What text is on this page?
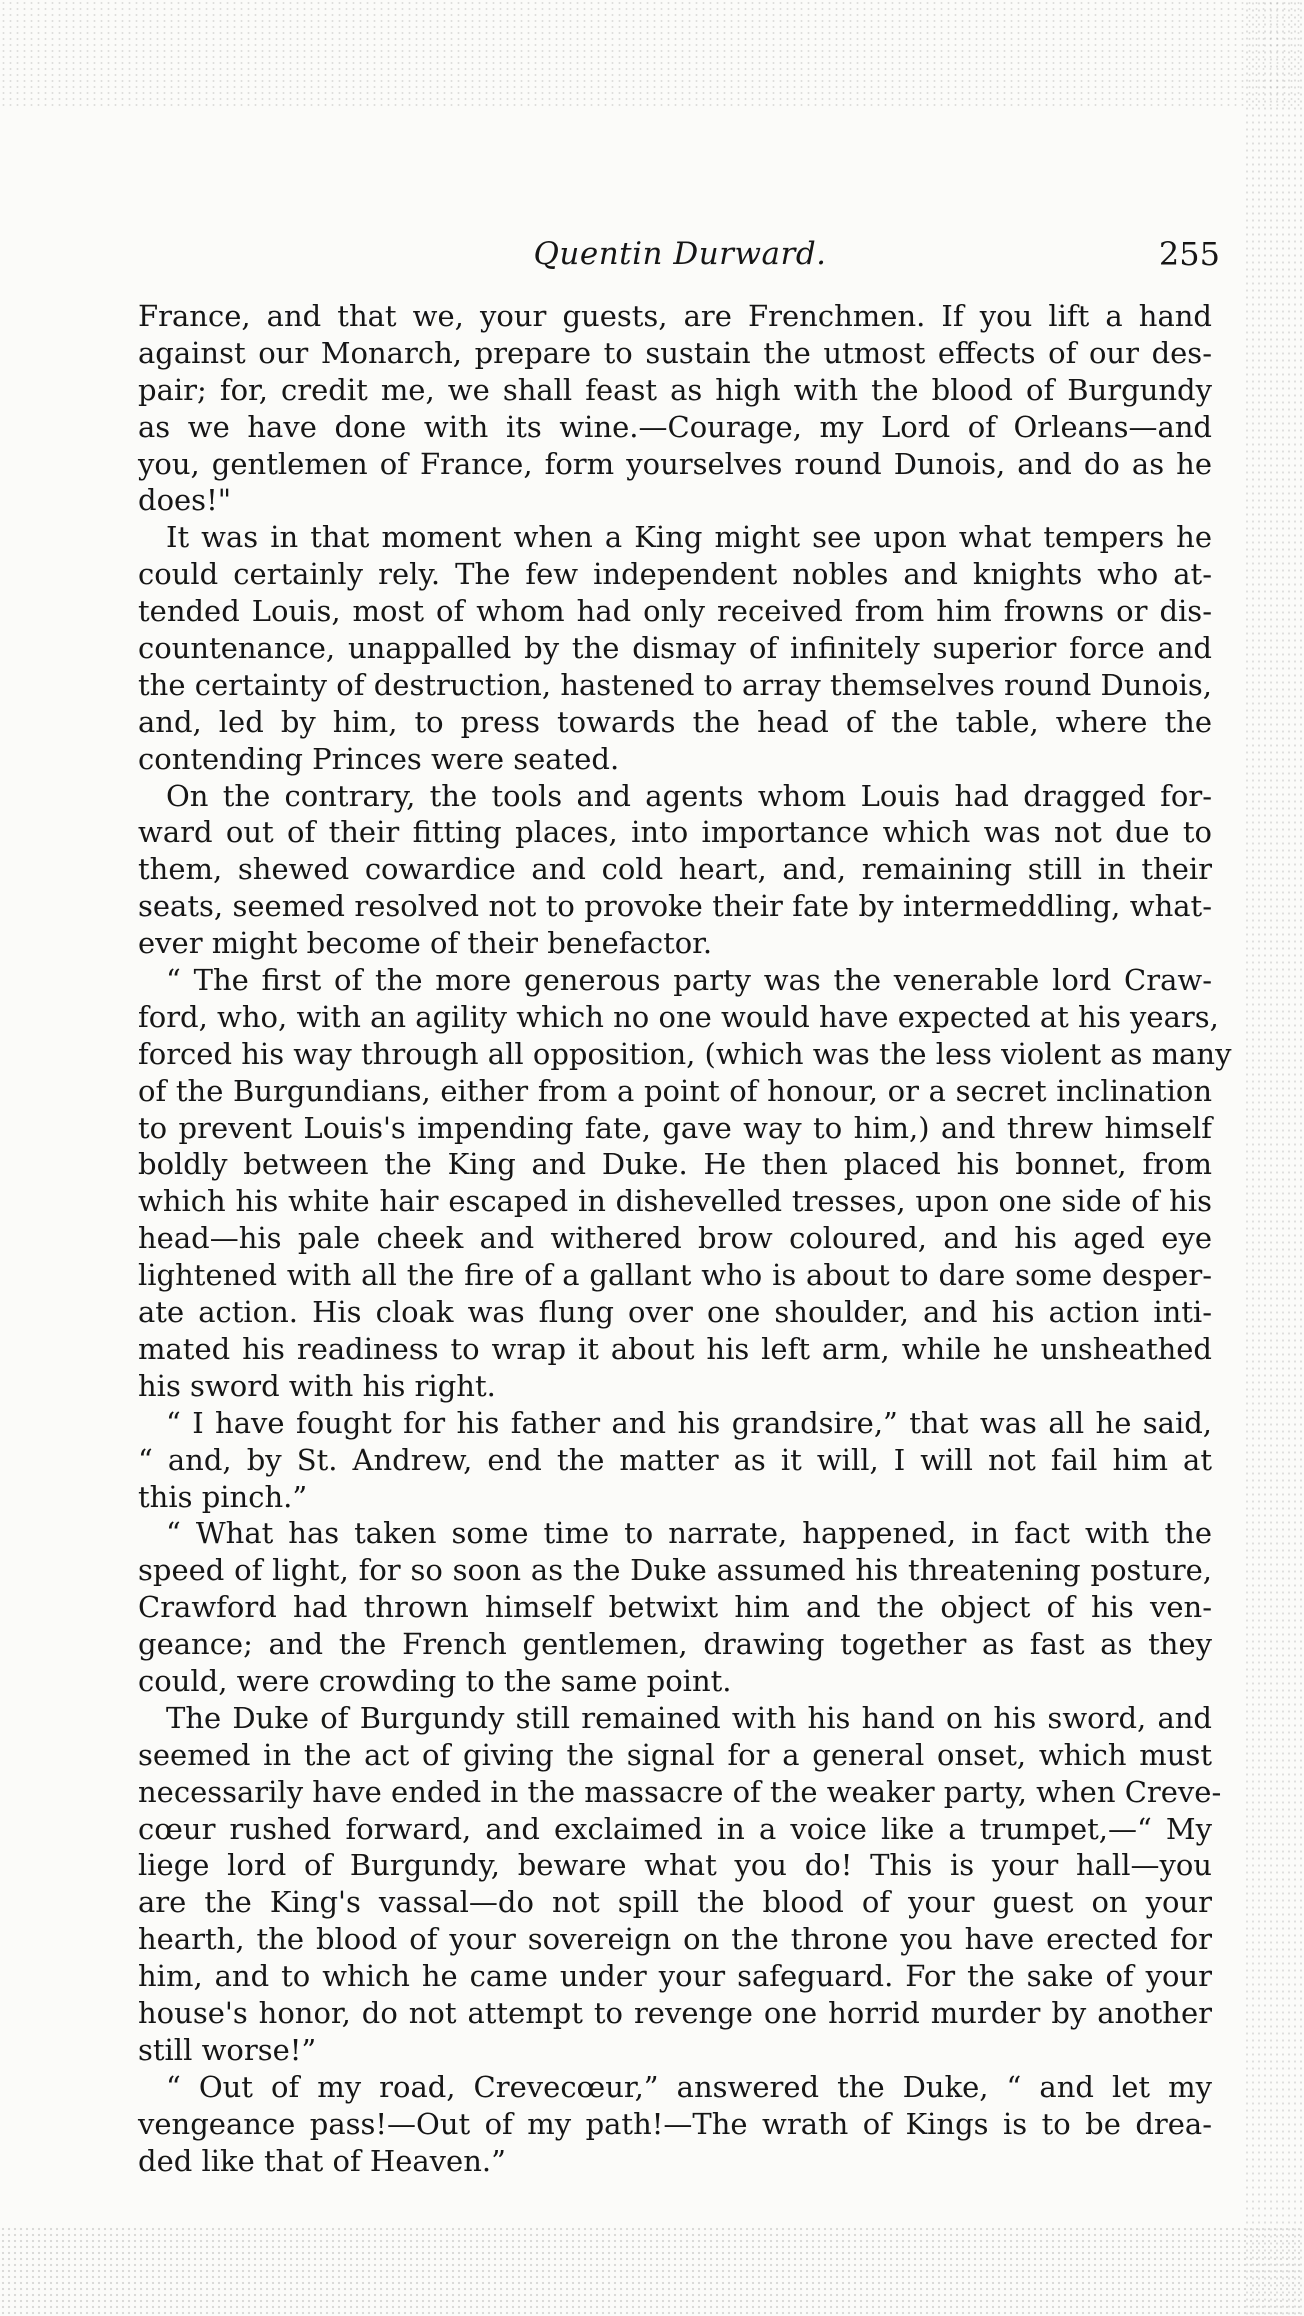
Quentin Durward.	255
France, and that we, your guests, are Frenchmen. If you lift a hand
against our Monarch, prepare to sustain the utmost effects of our des-
pair; for, credit me, we shall feast as high with the blood of Burgundy
as we have done with its wine.—Courage, my Lord of Orleans—and
you, gentlemen of France, form yourselves round Dunois, and do as he
does!"
It was in that moment when a King might see upon what tempers he
could certainly rely. The few independent nobles and knights who at-
tended Louis, most of whom had only received from him frowns or dis-
countenance, unappalled by the dismay of infinitely superior force and
the certainty of destruction, hastened to array themselves round Dunois,
and, led by him, to press towards the head of the table, where the
contending Princes were seated.
On the contrary, the tools and agents whom Louis had dragged for-
ward out of their fitting places, into importance which was not due to
them, shewed cowardice and cold heart, and, remaining still in their
seats, seemed resolved not to provoke their fate by intermeddling, what-
ever might become of their benefactor.
“ The first of the more generous party was the venerable lord Craw-
ford, who, with an agility which no one would have expected at his years,
forced his way through all opposition, (which was the less violent as many
of the Burgundians, either from a point of honour, or a secret inclination
to prevent Louis's impending fate, gave way to him,) and threw himself
boldly between the King and Duke. He then placed his bonnet, from
which his white hair escaped in dishevelled tresses, upon one side of his
head—his pale cheek and withered brow coloured, and his aged eye
lightened with all the fire of a gallant who is about to dare some desper-
ate action. His cloak was flung over one shoulder, and his action inti-
mated his readiness to wrap it about his left arm, while he unsheathed
his sword with his right.
“ I have fought for his father and his grandsire,” that was all he said,
“ and, by St. Andrew, end the matter as it will, I will not fail him at
this pinch.”
“ What has taken some time to narrate, happened, in fact with the
speed of light, for so soon as the Duke assumed his threatening posture,
Crawford had thrown himself betwixt him and the object of his ven-
geance; and the French gentlemen, drawing together as fast as they
could, were crowding to the same point.
The Duke of Burgundy still remained with his hand on his sword, and
seemed in the act of giving the signal for a general onset, which must
necessarily have ended in the massacre of the weaker party, when Creve-
cœur rushed forward, and exclaimed in a voice like a trumpet,—“ My
liege lord of Burgundy, beware what you do! This is your hall—you
are the King's vassal—do not spill the blood of your guest on your
hearth, the blood of your sovereign on the throne you have erected for
him, and to which he came under your safeguard. For the sake of your
house's honor, do not attempt to revenge one horrid murder by another
still worse!”
“ Out of my road, Crevecœur,” answered the Duke, “ and let my
vengeance pass!—Out of my path!—The wrath of Kings is to be drea-
ded like that of Heaven.”
